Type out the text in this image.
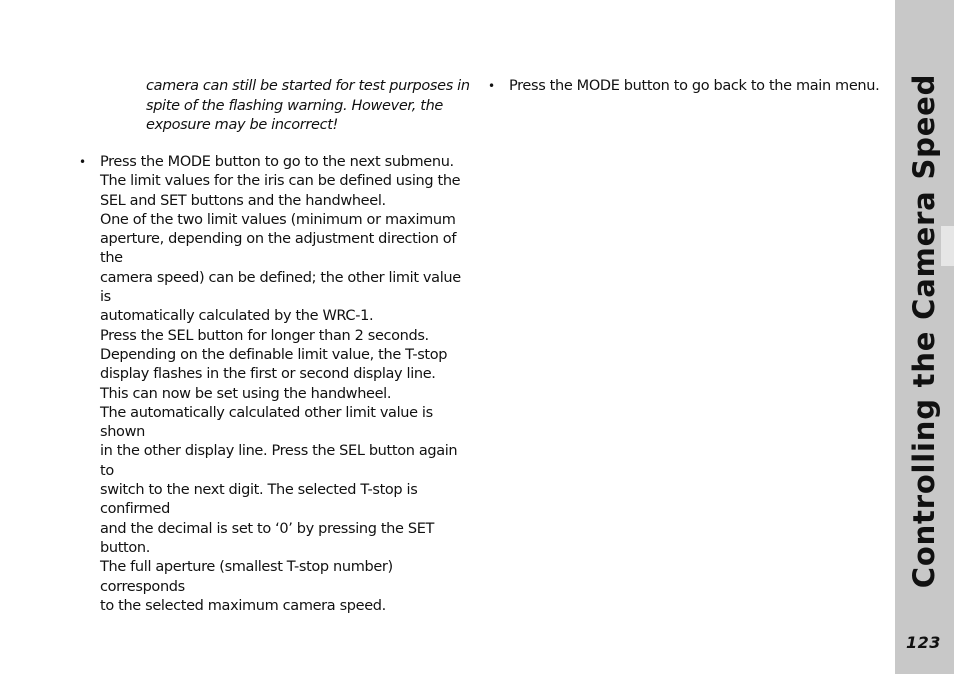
camera can still be started for test purposes in
spite of the flashing warning. However, the
exposure may be incorrect!
• Press the MODE button to go to the next submenu.

The limit values for the iris can be defined using the

SEL and SET buttons and the handwheel.

One of the two limit values (minimum or maximum

aperture, depending on the adjustment direction of the

camera speed) can be defined; the other limit value is

automatically calculated by the WRC-1.

Press the SEL button for longer than 2 seconds.

Depending on the definable limit value, the T-stop

display flashes in the first or second display line.

This can now be set using the handwheel.

The automatically calculated other limit value is shown

in the other display line. Press the SEL button again to

switch to the next digit. The selected T-stop is confirmed

and the decimal is set to ‘0’ by pressing the SET button.

The full aperture (smallest T-stop number) corresponds

to the selected maximum camera speed.

• Press the MODE button to go back to the main menu. Controlling the Camera Speed
123
